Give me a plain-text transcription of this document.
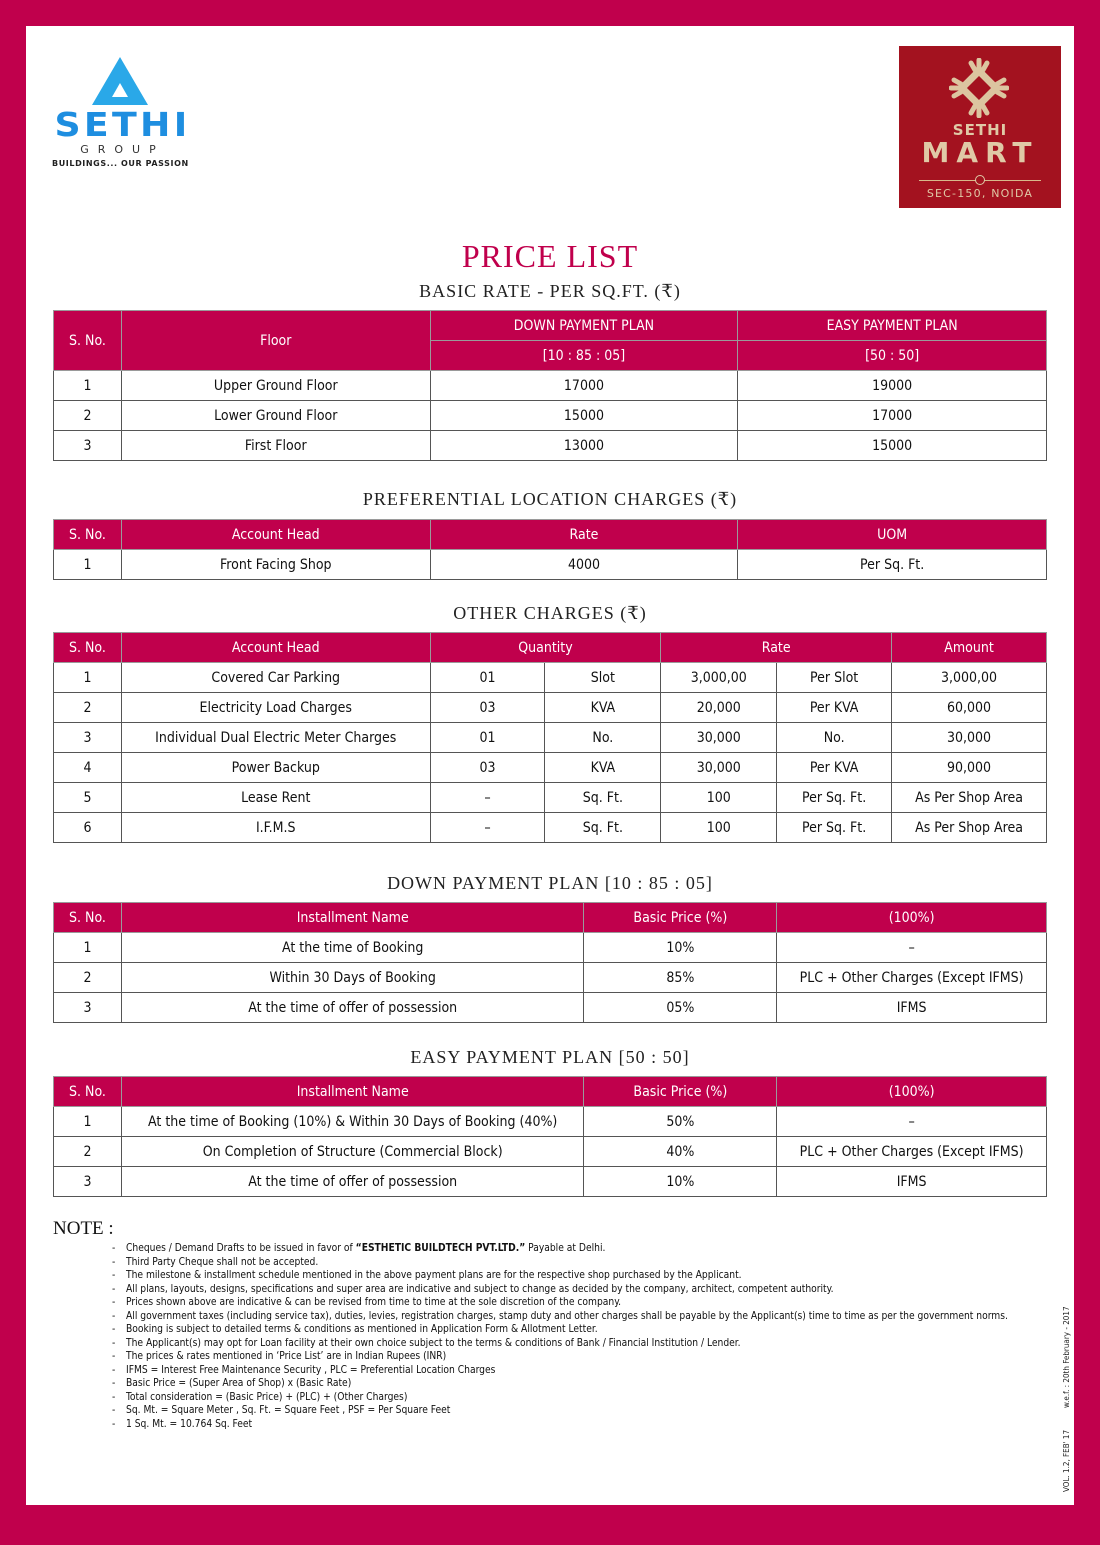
SETHI
GROUP
BUILDINGS... OUR PASSION
SETHI
MART
SEC-150, NOIDA
PRICE LIST
BASIC RATE - PER SQ.FT. (₹)
S. No.	Floor	DOWN PAYMENT PLAN	EASY PAYMENT PLAN
		[10 : 85 : 05]	[50 : 50]
1	Upper Ground Floor	17000	19000
2	Lower Ground Floor	15000	17000
3	First Floor	13000	15000
PREFERENTIAL LOCATION CHARGES (₹)
S. No.	Account Head	Rate	UOM
1	Front Facing Shop	4000	Per Sq. Ft.
OTHER CHARGES (₹)
S. No.	Account Head	Quantity		Rate		Amount
1	Covered Car Parking	01	Slot	3,000,00	Per Slot	3,000,00
2	Electricity Load Charges	03	KVA	20,000	Per KVA	60,000
3	Individual Dual Electric Meter Charges	01	No.	30,000	No.	30,000
4	Power Backup	03	KVA	30,000	Per KVA	90,000
5	Lease Rent	–	Sq. Ft.	100	Per Sq. Ft.	As Per Shop Area
6	I.F.M.S	–	Sq. Ft.	100	Per Sq. Ft.	As Per Shop Area
DOWN PAYMENT PLAN [10 : 85 : 05]
S. No.	Installment Name	Basic Price (%)	(100%)
1	At the time of Booking	10%	–
2	Within 30 Days of Booking	85%	PLC + Other Charges (Except IFMS)
3	At the time of offer of possession	05%	IFMS
EASY PAYMENT PLAN [50 : 50]
S. No.	Installment Name	Basic Price (%)	(100%)
1	At the time of Booking (10%) & Within 30 Days of Booking (40%)	50%	–
2	On Completion of Structure (Commercial Block)	40%	PLC + Other Charges (Except IFMS)
3	At the time of offer of possession	10%	IFMS
NOTE :
- Cheques / Demand Drafts to be issued in favor of “ESTHETIC BUILDTECH PVT.LTD.” Payable at Delhi.
- Third Party Cheque shall not be accepted.
- The milestone & installment schedule mentioned in the above payment plans are for the respective shop purchased by the Applicant.
- All plans, layouts, designs, specifications and super area are indicative and subject to change as decided by the company, architect, competent authority.
- Prices shown above are indicative & can be revised from time to time at the sole discretion of the company.
- All government taxes (including service tax), duties, levies, registration charges, stamp duty and other charges shall be payable by the Applicant(s) time to time as per the government norms.
- Booking is subject to detailed terms & conditions as mentioned in Application Form & Allotment Letter.
- The Applicant(s) may opt for Loan facility at their own choice subject to the terms & conditions of Bank / Financial Institution / Lender.
- The prices & rates mentioned in ‘Price List’ are in Indian Rupees (INR)
- IFMS = Interest Free Maintenance Security , PLC = Preferential Location Charges
- Basic Price = (Super Area of Shop) x (Basic Rate)
- Total consideration = (Basic Price) + (PLC) + (Other Charges)
- Sq. Mt. = Square Meter , Sq. Ft. = Square Feet , PSF = Per Square Feet
- 1 Sq. Mt. = 10.764 Sq. Feet
w.e.f. : 20th February - 2017
VOL. 1.2, FEB' 17
